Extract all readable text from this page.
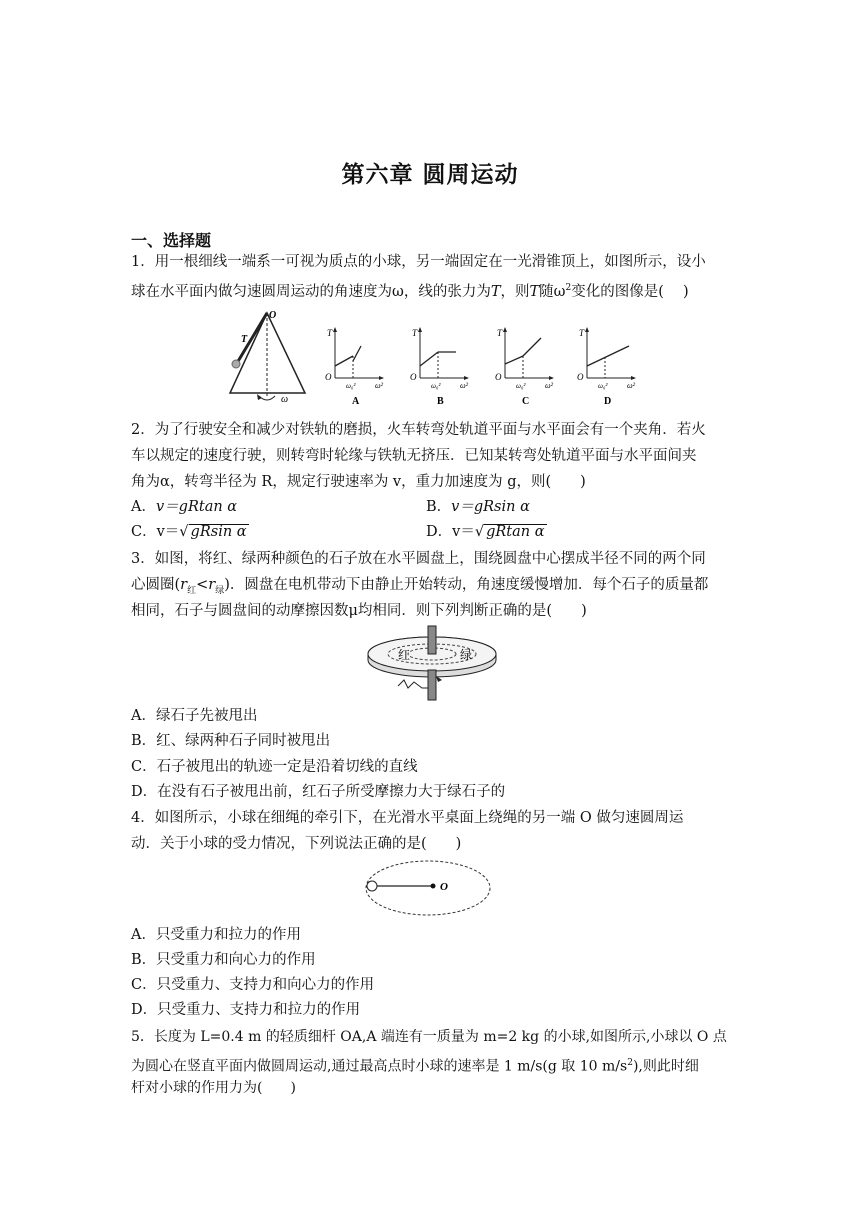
第六章 圆周运动
一、选择题
1．用一根细线一端系一可视为质点的小球，另一端固定在一光滑锥顶上，如图所示，设小
球在水平面内做匀速圆周运动的角速度为ω，线的张力为T，则T随$\omega^2$变化的图像是(　 )
O
T
ω
T
O
ω₀² ω²
A
T
O
ω₀² ω²
B
T
O
ω₀² ω²
C
T
O
ω₀² ω²
D
2．为了行驶安全和减少对铁轨的磨损，火车转弯处轨道平面与水平面会有一个夹角．若火
车以规定的速度行驶，则转弯时轮缘与铁轨无挤压．已知某转弯处轨道平面与水平面间夹
角为α，转弯半径为 R，规定行驶速率为 v，重力加速度为 g，则(　　)
A．v＝gRtan α	B．v＝gRsin α
C．v＝√ gRsin α	D．v＝√ gRtan α
3．如图，将红、绿两种颜色的石子放在水平圆盘上，围绕圆盘中心摆成半径不同的两个同
心圆圈$(r_红<r_绿)$．圆盘在电机带动下由静止开始转动，角速度缓慢增加．每个石子的质量都
相同，石子与圆盘间的动摩擦因数μ均相同．则下列判断正确的是(　　)
红	绿
A．绿石子先被甩出
B．红、绿两种石子同时被甩出
C．石子被甩出的轨迹一定是沿着切线的直线
D．在没有石子被甩出前，红石子所受摩擦力大于绿石子的
4．如图所示，小球在细绳的牵引下，在光滑水平桌面上绕绳的另一端 O 做匀速圆周运
动．关于小球的受力情况，下列说法正确的是(　　)
O
A．只受重力和拉力的作用
B．只受重力和向心力的作用
C．只受重力、支持力和向心力的作用
D．只受重力、支持力和拉力的作用
5．长度为 L=0.4 m 的轻质细杆 OA,A 端连有一质量为 m=2 kg 的小球,如图所示,小球以 O 点
为圆心在竖直平面内做圆周运动,通过最高点时小球的速率是 1 m/s(g 取 10 $m/s^2$),则此时细
杆对小球的作用力为(　　)
